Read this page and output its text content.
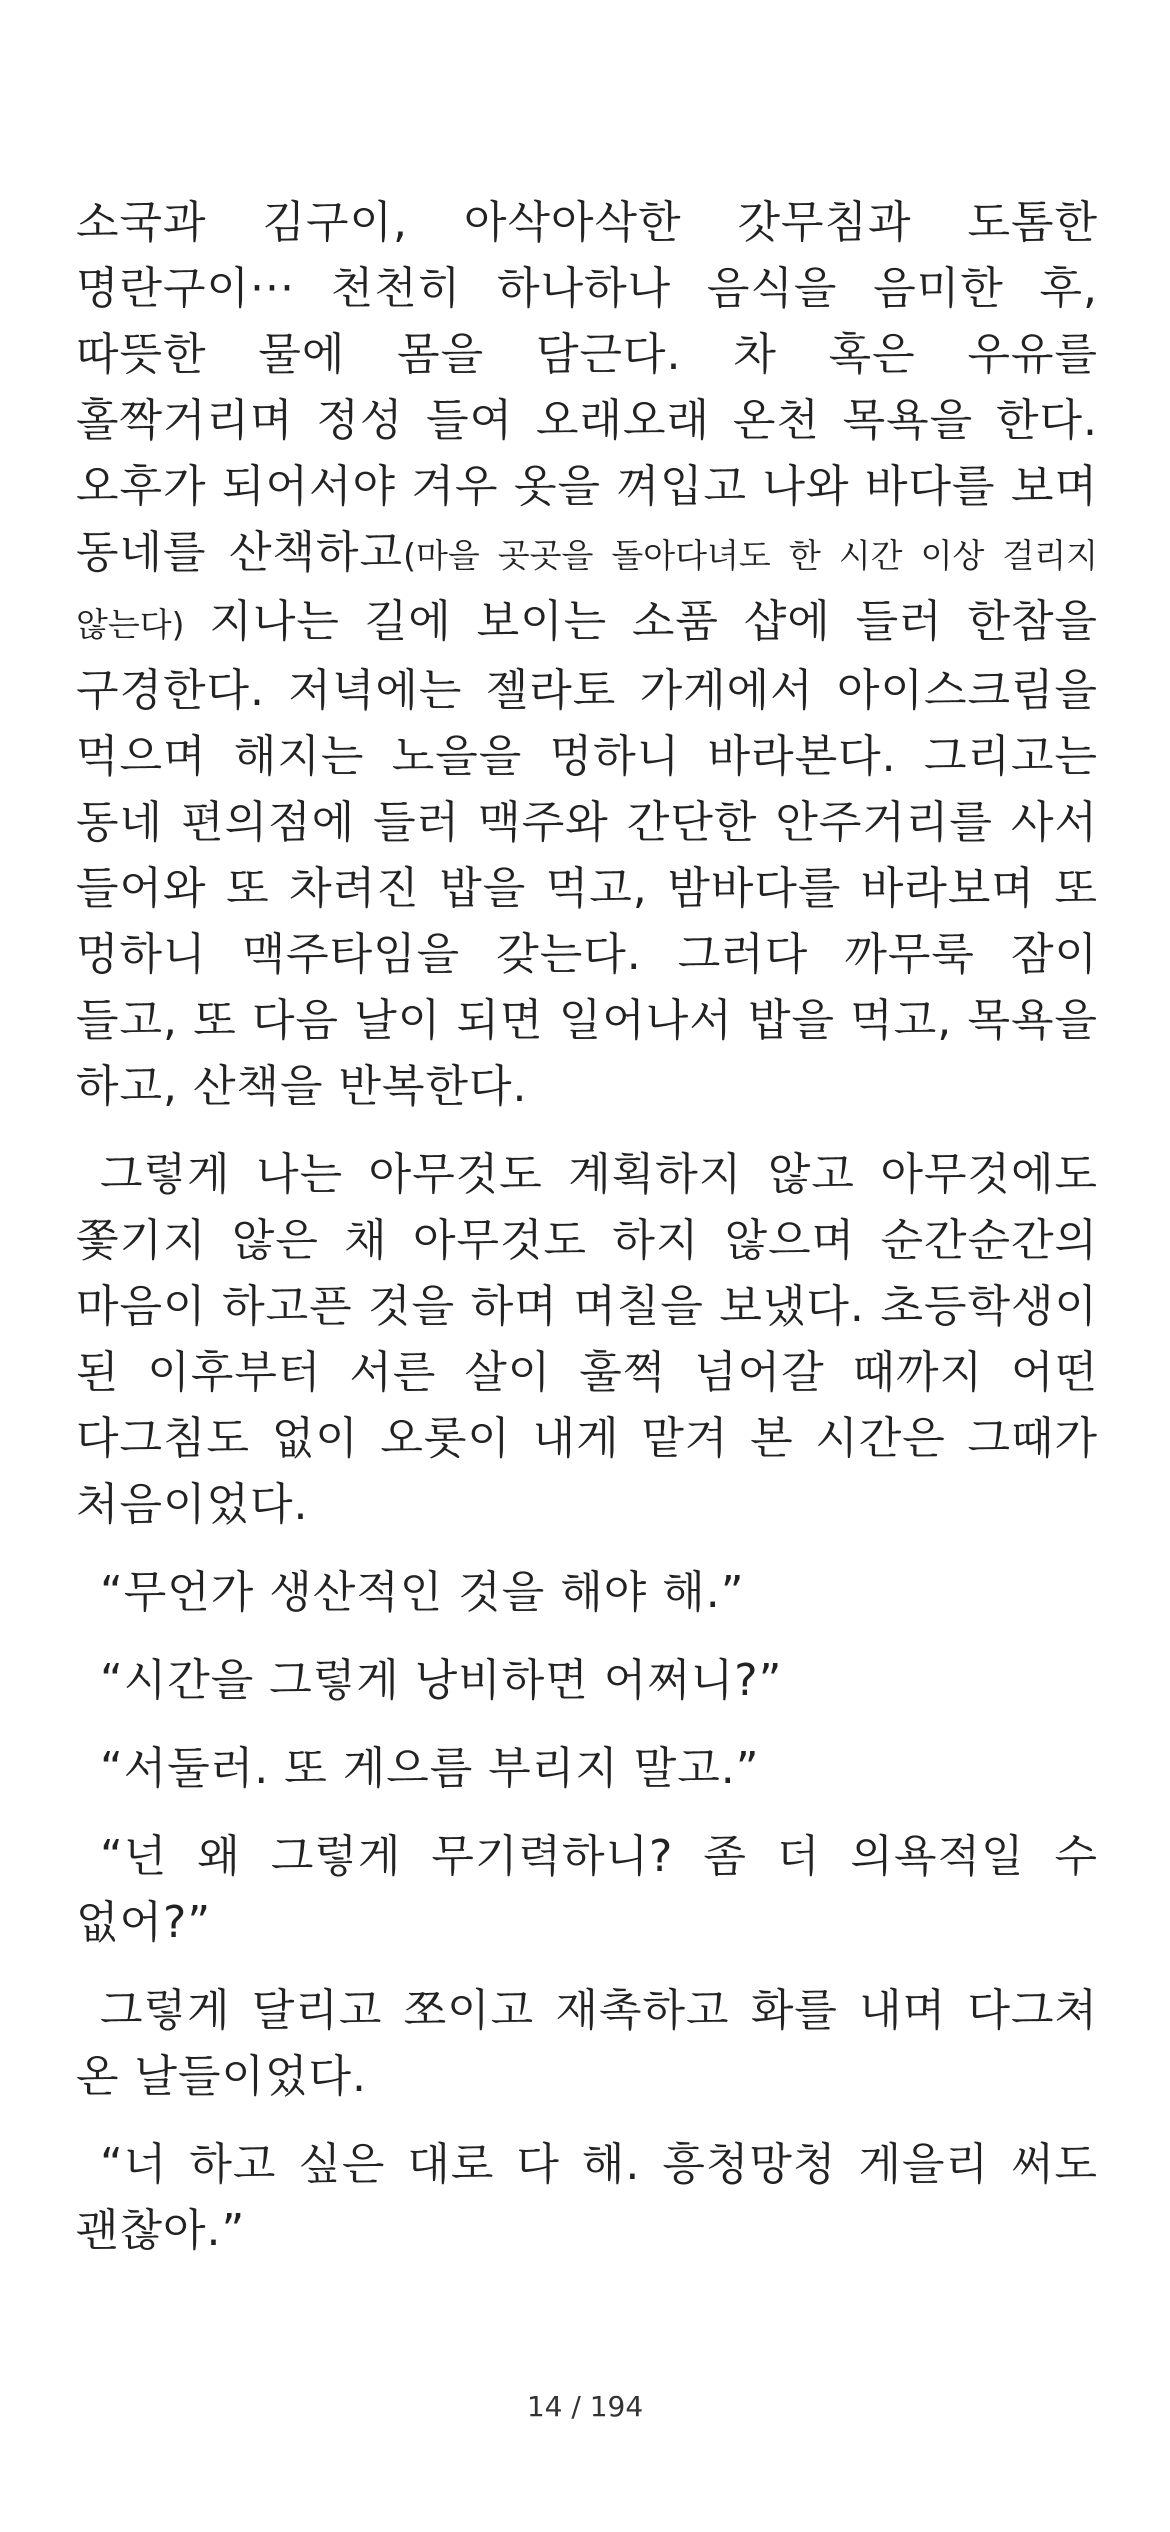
소국과 김구이, 아삭아삭한 갓무침과 도톰한 명란구이··· 천천히 하나하나 음식을 음미한 후, 따뜻한 물에 몸을 담근다. 차 혹은 우유를 홀짝거리며 정성 들여 오래오래 온천 목욕을 한다. 오후가 되어서야 겨우 옷을 껴입고 나와 바다를 보며 동네를 산책하고(마을 곳곳을 돌아다녀도 한 시간 이상 걸리지 않는다) 지나는 길에 보이는 소품 샵에 들러 한참을 구경한다. 저녁에는 젤라토 가게에서 아이스크림을 먹으며 해지는 노을을 멍하니 바라본다. 그리고는 동네 편의점에 들러 맥주와 간단한 안주거리를 사서 들어와 또 차려진 밥을 먹고, 밤바다를 바라보며 또 멍하니 맥주타임을 갖는다. 그러다 까무룩 잠이 들고, 또 다음 날이 되면 일어나서 밥을 먹고, 목욕을 하고, 산책을 반복한다.

그렇게 나는 아무것도 계획하지 않고 아무것에도 쫓기지 않은 채 아무것도 하지 않으며 순간순간의 마음이 하고픈 것을 하며 며칠을 보냈다. 초등학생이 된 이후부터 서른 살이 훌쩍 넘어갈 때까지 어떤 다그침도 없이 오롯이 내게 맡겨 본 시간은 그때가 처음이었다.

“무언가 생산적인 것을 해야 해.”

“시간을 그렇게 낭비하면 어쩌니?”

“서둘러. 또 게으름 부리지 말고.”

“넌 왜 그렇게 무기력하니? 좀 더 의욕적일 수 없어?”

그렇게 달리고 쪼이고 재촉하고 화를 내며 다그쳐 온 날들이었다.

“너 하고 싶은 대로 다 해. 흥청망청 게을리 써도 괜찮아.”

14 / 194
